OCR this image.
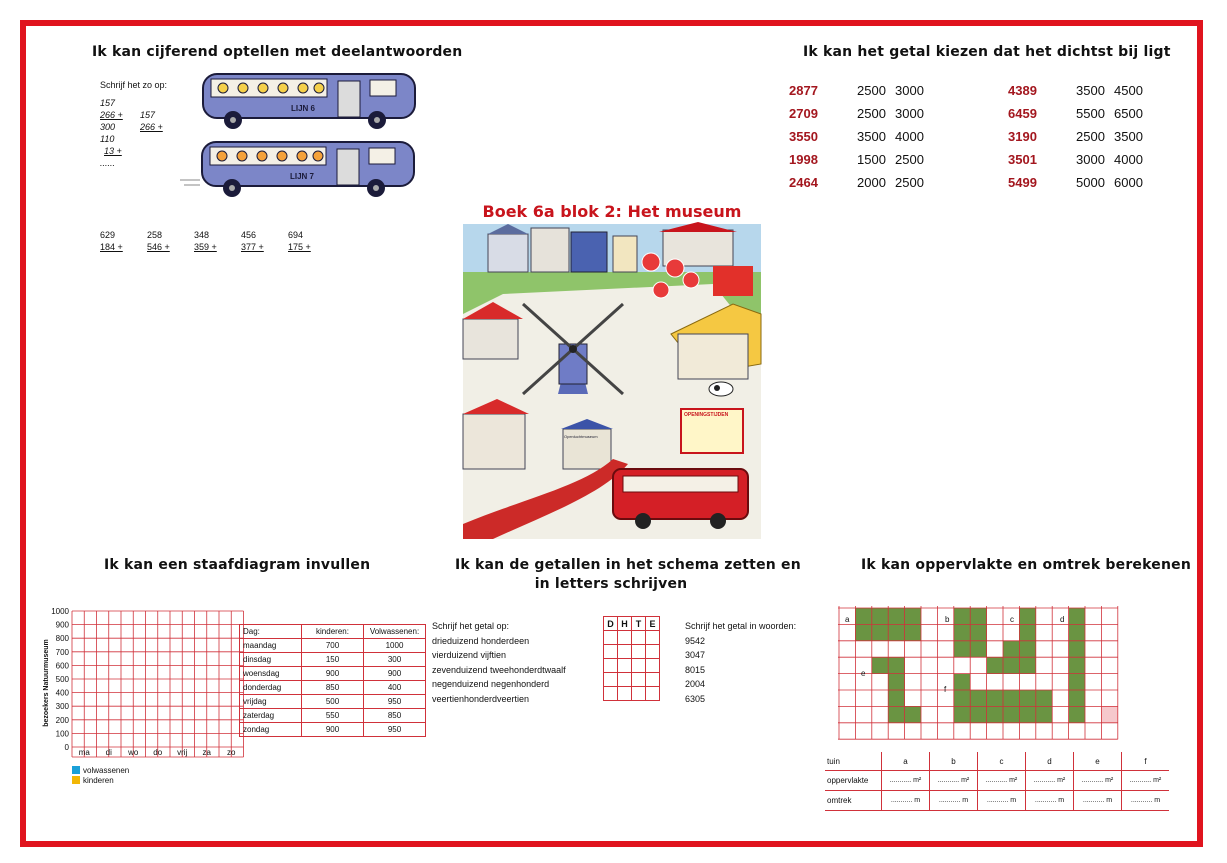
Ik kan cijferend optellen met deelantwoorden
Schrijf het zo op:
157
266 +
300
110
13 +
......
157
266 +
LIJN 6
LIJN 7
629
184 +
258
546 +
348
359 +
456
377 +
694
175 +
Ik kan het getal kiezen dat het dichtst bij ligt
2877	2500	3000
2709	2500	3000
3550	3500	4000
1998	1500	2500
2464	2000	2500
4389	3500	4500
6459	5500	6500
3190	2500	3500
3501	3000	4000
5499	5000	6000
Boek 6a blok 2: Het museum
OPENINGSTIJDEN
Openluchtmuseum
Ik kan een staafdiagram invullen
1000
900
800
700
600
500
400
300
200
100
0
ma di wo do vrij za zo
bezoekers Natuurmuseum
volwassenen
kinderen
Dag:	kinderen:	Volwassenen:
maandag	700	1000
dinsdag	150	300
woensdag	900	900
donderdag	850	400
vrijdag	500	950
zaterdag	550	850
zondag	900	950
Ik kan de getallen in het schema zetten en
in letters schrijven
Schrijf het getal op:
drieduizend honderdeen
vierduizend vijftien
zevenduizend tweehonderdtwaalf
negenduizend negenhonderd
veertienhonderdveertien
D	H	T	E

				Schrijf het getal in woorden:
9542
3047
8015
2004
6305
Ik kan oppervlakte en omtrek berekenen
a	b	c	d
e
f
tuin	a	b	c	d	e	f
oppervlakte	........... m²	........... m²	........... m²	........... m²	........... m²	........... m²
omtrek	........... m	........... m	........... m	........... m	........... m	........... m
